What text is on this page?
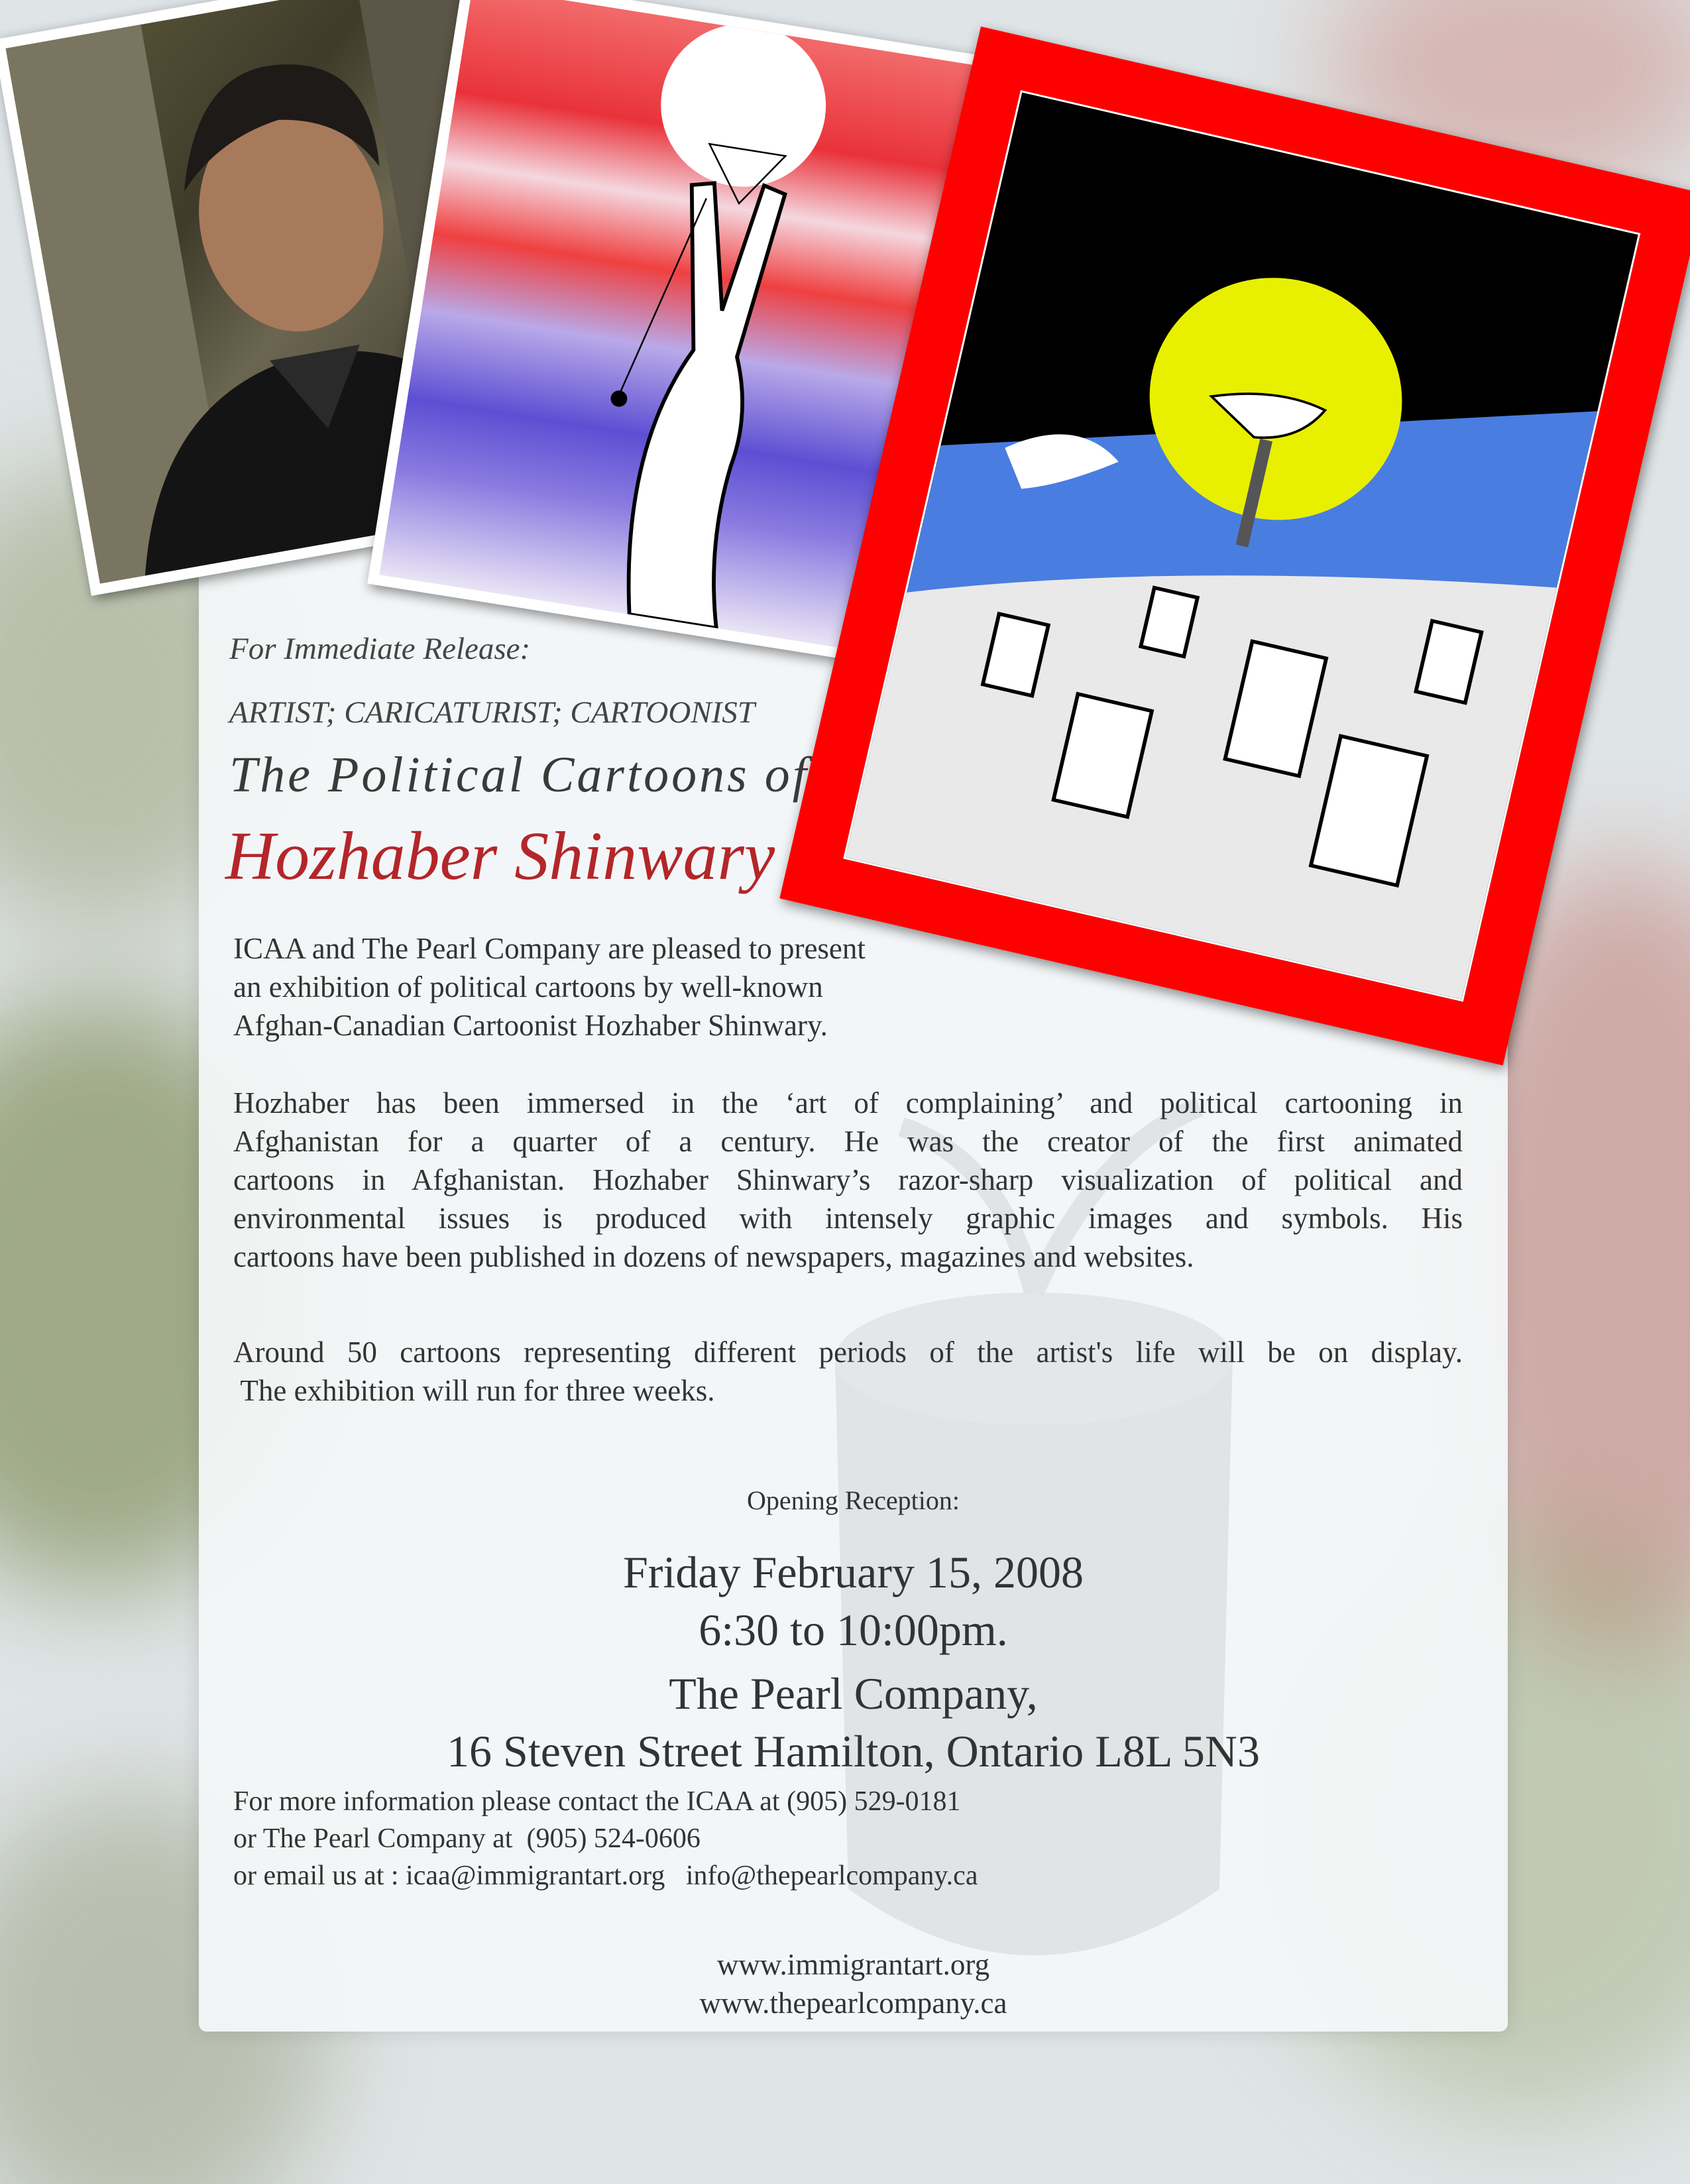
For Immediate Release:

ARTIST; CARICATURIST; CARTOONIST

The Political Cartoons of

Hozhaber Shinwary

ICAA and The Pearl Company are pleased to present
an exhibition of political cartoons by well-known
Afghan-Canadian Cartoonist Hozhaber Shinwary.
Hozhaber has been immersed in the ‘art of complaining’ and political cartooning in
Afghanistan for a quarter of a century. He was the creator of the first animated
cartoons in Afghanistan. Hozhaber Shinwary’s razor-sharp visualization of political and
environmental issues is produced with intensely graphic images and symbols. His
cartoons have been published in dozens of newspapers, magazines and websites.
Around 50 cartoons representing different periods of the artist's life will be on display.
The exhibition will run for three weeks.

Opening Reception:

Friday February 15, 2008

6:30 to 10:00pm.

The Pearl Company,

16 Steven Street Hamilton, Ontario L8L 5N3

For more information please contact the ICAA at (905) 529-0181
or The Pearl Company at  (905) 524-0606
or email us at : icaa@immigrantart.org   info@thepearlcompany.ca
www.immigrantart.org
www.thepearlcompany.ca
